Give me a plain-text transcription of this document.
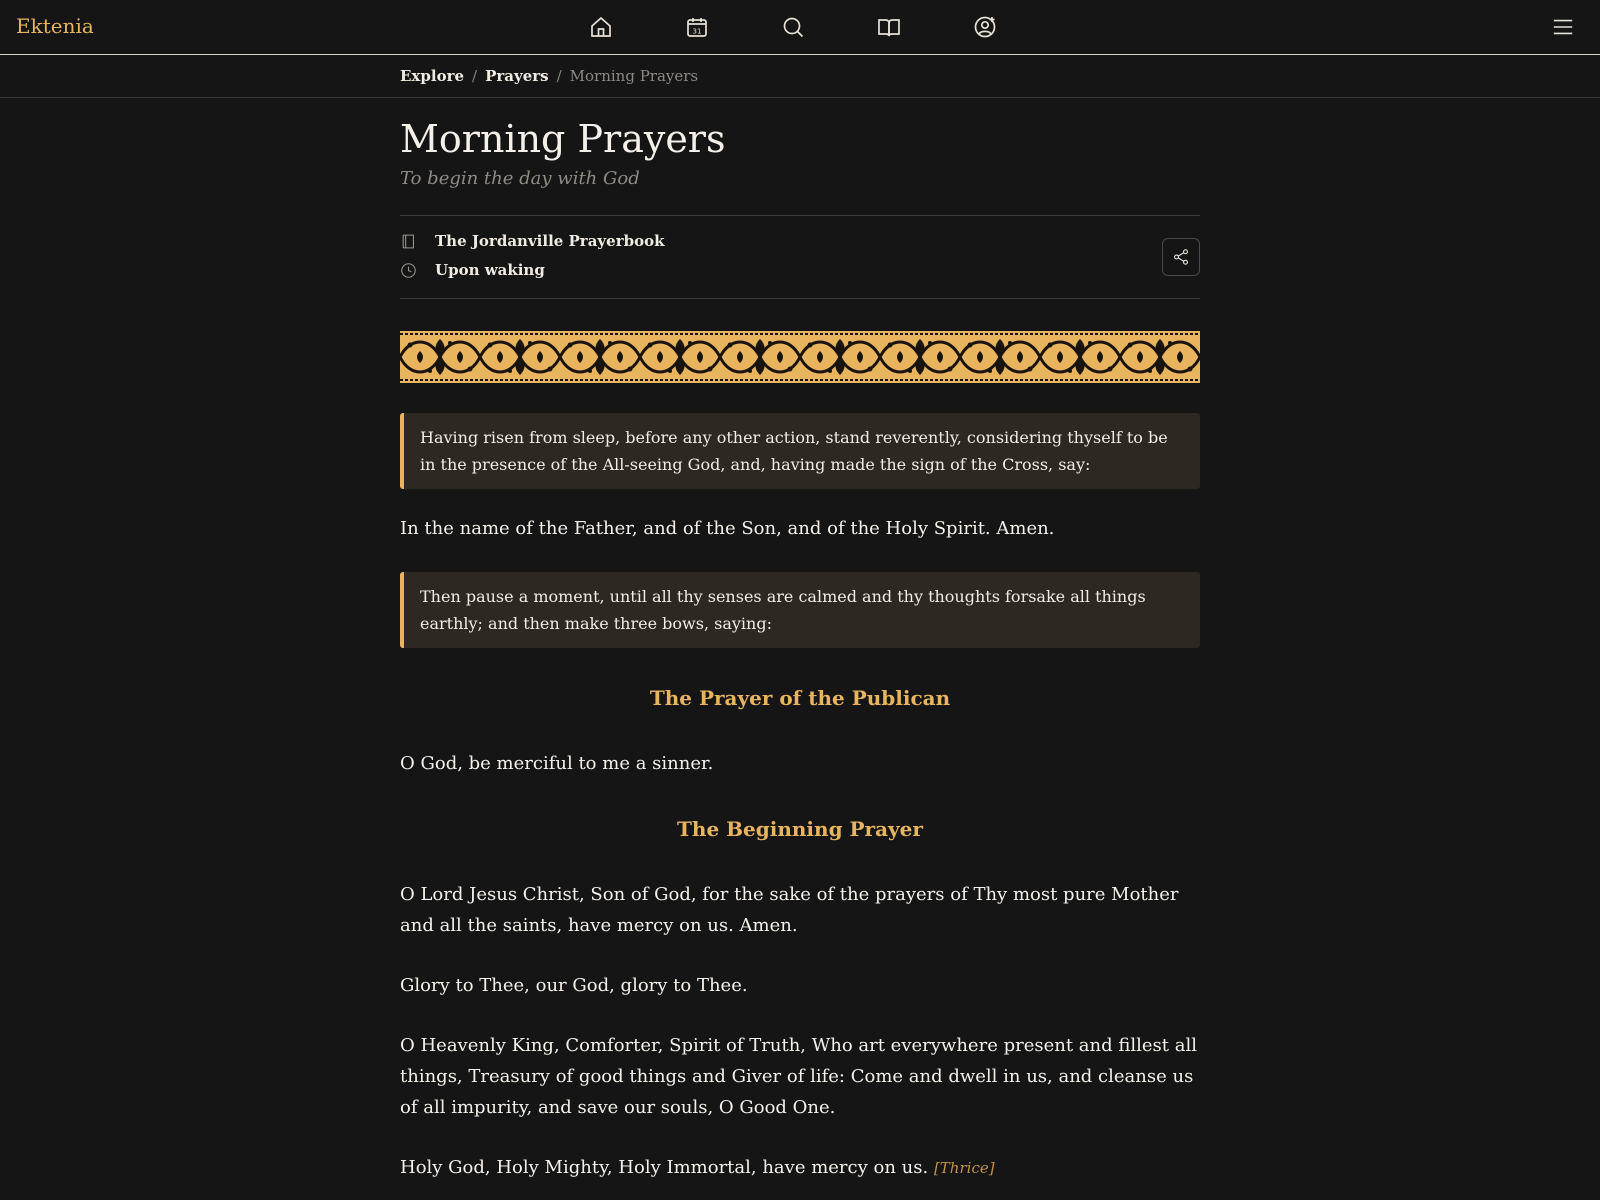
Ektenia	31
Explore / Prayers / Morning Prayers
Morning Prayers
To begin the day with God
The Jordanville Prayerbook
Upon waking
Having risen from sleep, before any other action, stand reverently, considering thyself to be in the presence of the All-seeing God, and, having made the sign of the Cross, say:

In the name of the Father, and of the Son, and of the Holy Spirit. Amen.

Then pause a moment, until all thy senses are calmed and thy thoughts forsake all things earthly; and then make three bows, saying:
The Prayer of the Publican

O God, be merciful to me a sinner.

The Beginning Prayer

O Lord Jesus Christ, Son of God, for the sake of the prayers of Thy most pure Mother and all the saints, have mercy on us. Amen.

Glory to Thee, our God, glory to Thee.

O Heavenly King, Comforter, Spirit of Truth, Who art everywhere present and fillest all things, Treasury of good things and Giver of life: Come and dwell in us, and cleanse us of all impurity, and save our souls, O Good One.

Holy God, Holy Mighty, Holy Immortal, have mercy on us. [Thrice]
